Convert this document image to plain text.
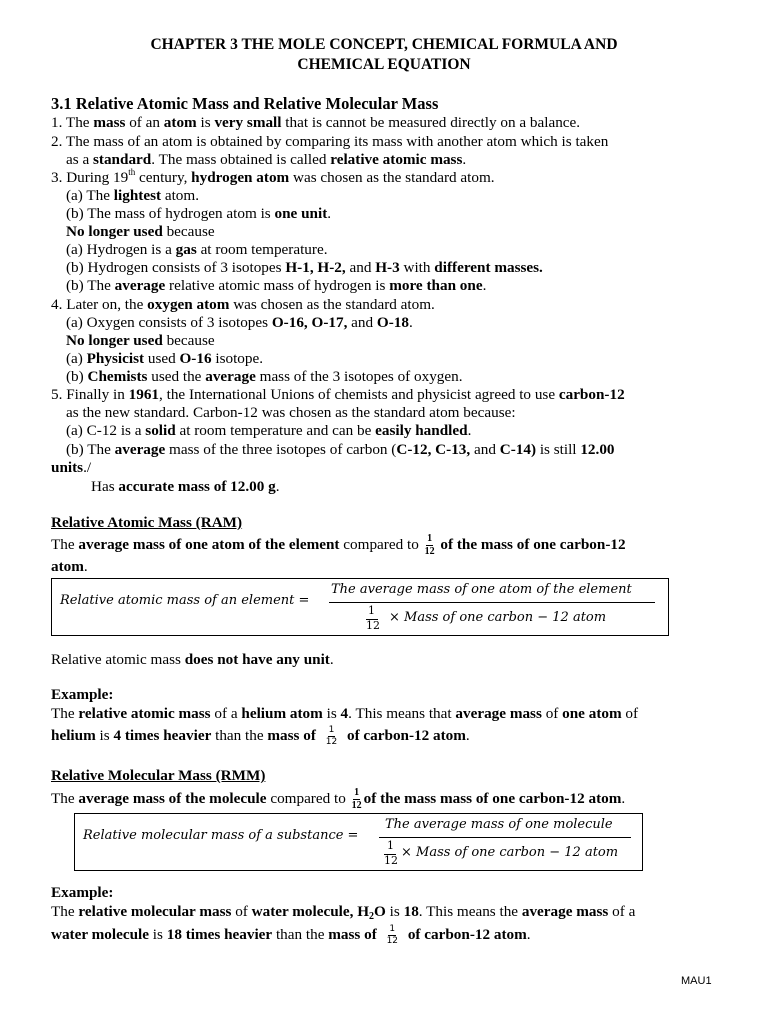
CHAPTER 3 THE MOLE CONCEPT, CHEMICAL FORMULA AND
CHEMICAL EQUATION
3.1 Relative Atomic Mass and Relative Molecular Mass
1. The mass of an atom is very small that is cannot be measured directly on a balance.
2. The mass of an atom is obtained by comparing its mass with another atom which is taken
as a standard. The mass obtained is called relative atomic mass.
3. During 19th century, hydrogen atom was chosen as the standard atom.
(a) The lightest atom.
(b) The mass of hydrogen atom is one unit.
No longer used because
(a) Hydrogen is a gas at room temperature.
(b) Hydrogen consists of 3 isotopes H-1, H-2, and H-3 with different masses.
(b) The average relative atomic mass of hydrogen is more than one.
4. Later on, the oxygen atom was chosen as the standard atom.
(a) Oxygen consists of 3 isotopes O-16, O-17, and O-18.
No longer used because
(a) Physicist used O-16 isotope.
(b) Chemists used the average mass of the 3 isotopes of oxygen.
5. Finally in 1961, the International Unions of chemists and physicist agreed to use carbon-12
as the new standard. Carbon-12 was chosen as the standard atom because:
(a) C-12 is a solid at room temperature and can be easily handled.
(b) The average mass of the three isotopes of carbon (C-12, C-13, and C-14) is still 12.00
units./
Has accurate mass of 12.00 g.
Relative Atomic Mass (RAM)
The average mass of one atom of the element compared to $\frac{1}{12}$ of the mass of one carbon-12
atom.
Relative atomic mass of an element =
The average mass of one atom of the element
1
12
× Mass of one carbon − 12 atom
Relative atomic mass does not have any unit.
Example:
The relative atomic mass of a helium atom is 4. This means that average mass of one atom of
helium is 4 times heavier than the mass of $\frac{1}{12}$ of carbon-12 atom.
Relative Molecular Mass (RMM)
The average mass of the molecule compared to $\frac{1}{12}$ of the mass mass of one carbon-12 atom.
Relative molecular mass of a substance =
The average mass of one molecule
1
12
× Mass of one carbon − 12 atom
Example:
The relative molecular mass of water molecule, $H_2O$ is 18. This means the average mass of a
water molecule is 18 times heavier than the mass of $\frac{1}{12}$ of carbon-12 atom.
MAU1
